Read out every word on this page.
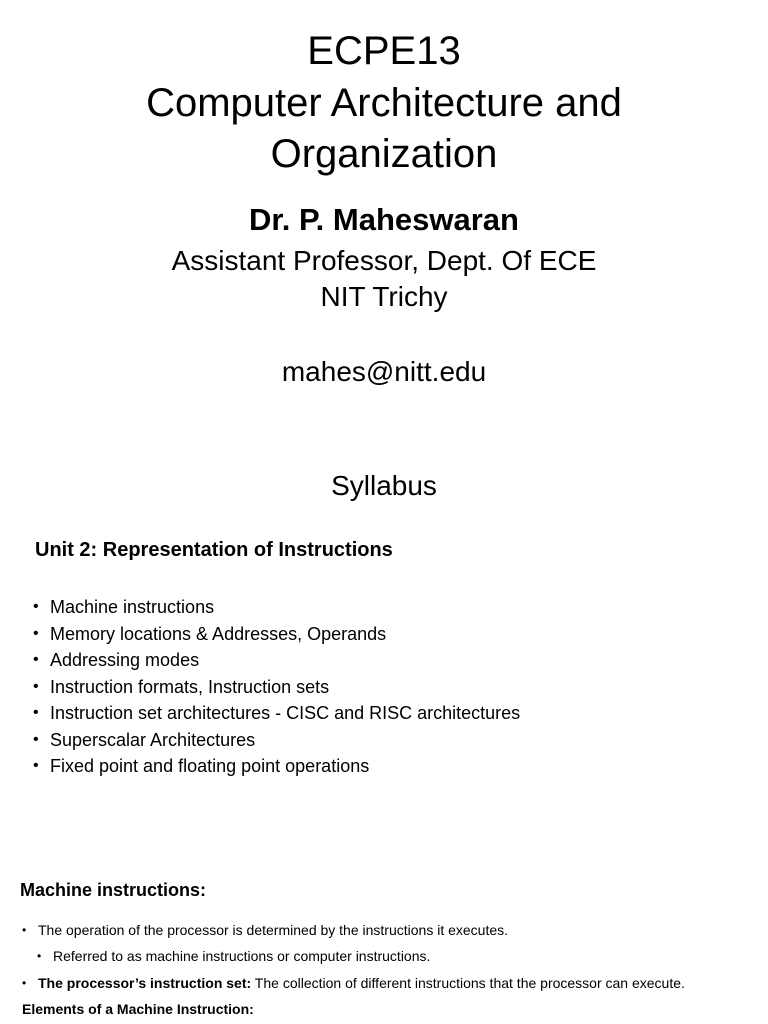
ECPE13
Computer Architecture and
Organization
Dr. P. Maheswaran
Assistant Professor, Dept. Of ECE
NIT Trichy
mahes@nitt.edu
Syllabus
Unit 2: Representation of Instructions
• Machine instructions
• Memory locations & Addresses, Operands
• Addressing modes
• Instruction formats, Instruction sets
• Instruction set architectures - CISC and RISC architectures
• Superscalar Architectures
• Fixed point and floating point operations
Machine instructions:
• The operation of the processor is determined by the instructions it executes.
• Referred to as machine instructions or computer instructions.
• The processor’s instruction set: The collection of different instructions that the processor can execute.
Elements of a Machine Instruction:
